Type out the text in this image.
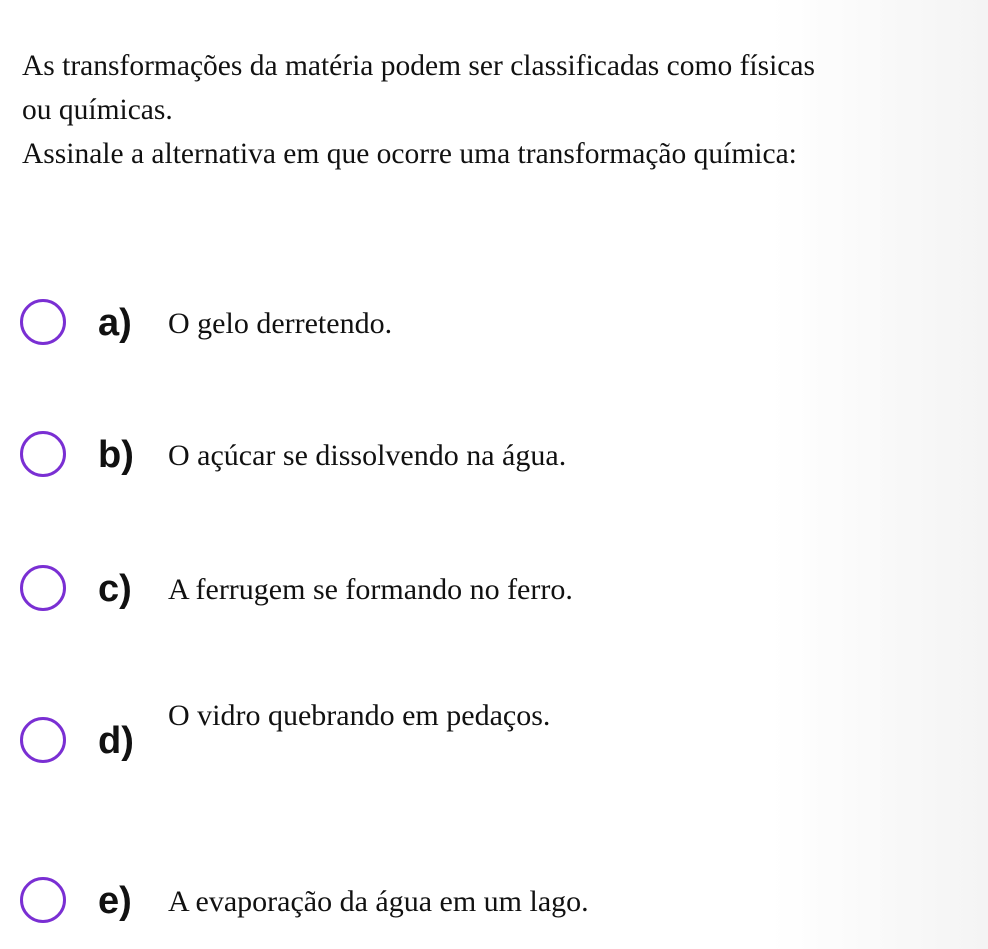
As transformações da matéria podem ser classificadas como físicas

ou químicas.

Assinale a alternativa em que ocorre uma transformação química:

a) O gelo derretendo.
b) O açúcar se dissolvendo na água.
c) A ferrugem se formando no ferro.
d)
O vidro quebrando em pedaços.
e) A evaporação da água em um lago.
